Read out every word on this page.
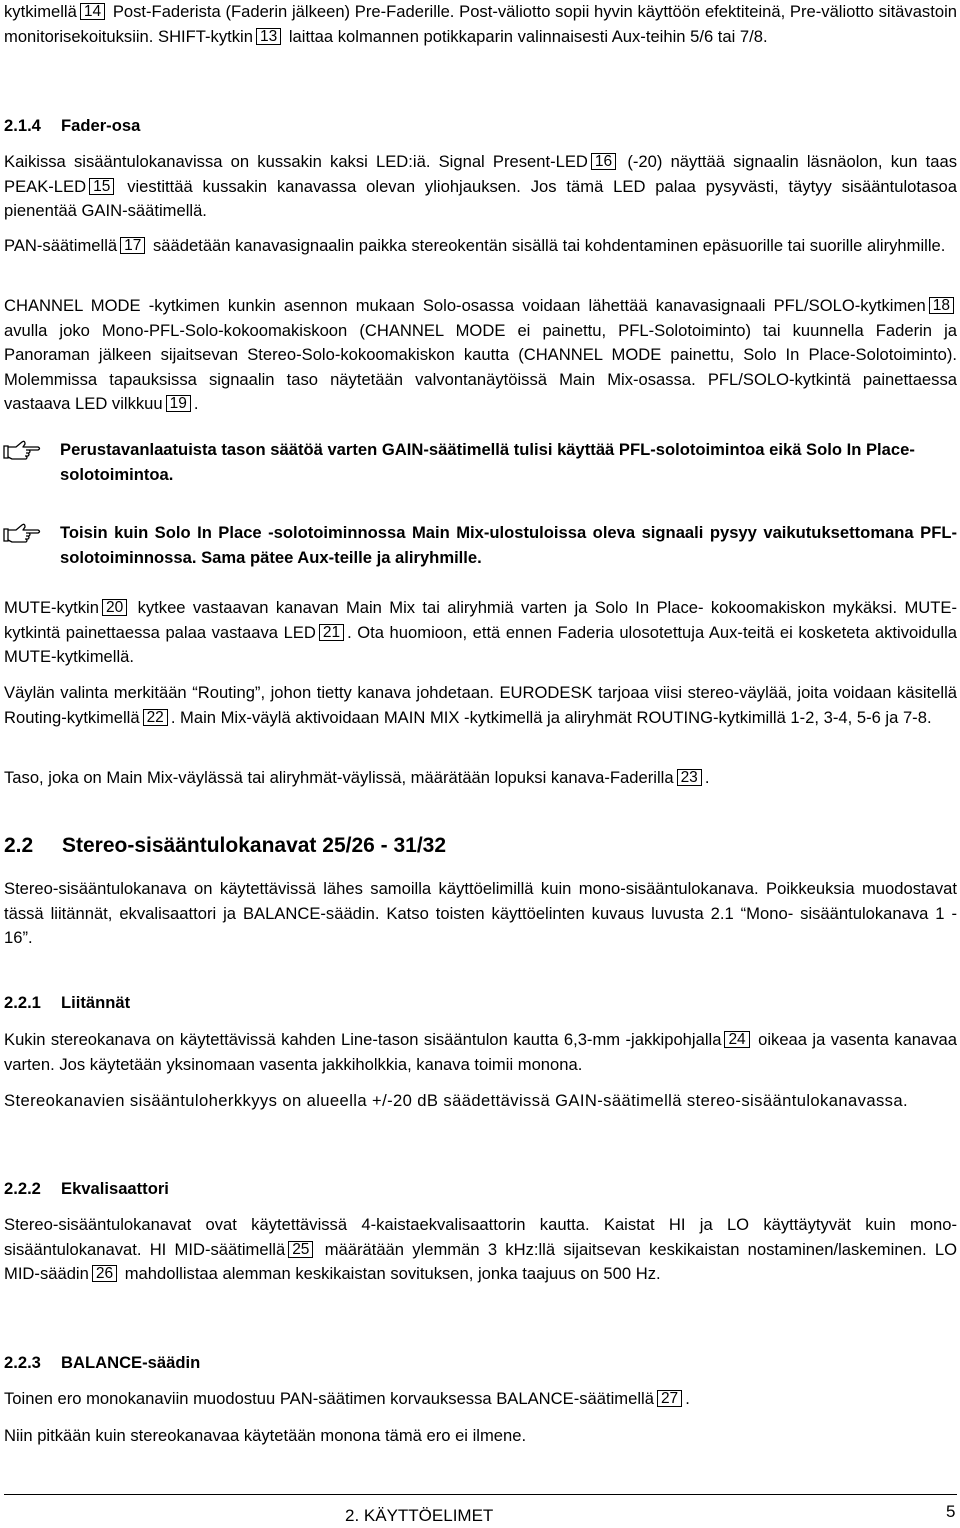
kytkimellä 14 Post-Faderista (Faderin jälkeen) Pre-Faderille. Post-väliotto sopii hyvin käyttöön efektiteinä, Pre-väliotto sitävastoin monitorisekoituksiin. SHIFT-kytkin 13 laittaa kolmannen potikkaparin valinnaisesti Aux-teihin 5/6 tai 7/8.
2.1.4 Fader-osa
Kaikissa sisääntulokanavissa on kussakin kaksi LED:iä. Signal Present-LED 16 (-20) näyttää signaalin läsnäolon, kun taas PEAK-LED 15 viestittää kussakin kanavassa olevan yliohjauksen. Jos tämä LED palaa pysyvästi, täytyy sisääntulotasoa pienentää GAIN-säätimellä.
PAN-säätimellä 17 säädetään kanavasignaalin paikka stereokentän sisällä tai kohdentaminen epäsuorille tai suorille aliryhmille.
CHANNEL MODE -kytkimen kunkin asennon mukaan Solo-osassa voidaan lähettää kanavasignaali PFL/SOLO-kytkimen 18 avulla joko Mono-PFL-Solo-kokoomakiskoon (CHANNEL MODE ei painettu, PFL-Solotoiminto) tai kuunnella Faderin ja Panoraman jälkeen sijaitsevan Stereo-Solo-kokoomakiskon kautta (CHANNEL MODE painettu, Solo In Place-Solotoiminto). Molemmissa tapauksissa signaalin taso näytetään valvontanäytöissä Main Mix-osassa. PFL/SOLO-kytkintä painettaessa vastaava LED vilkkuu 19 .
Perustavanlaatuista tason säätöä varten GAIN-säätimellä tulisi käyttää PFL-solotoimintoa eikä Solo In Place-solotoimintoa.
Toisin kuin Solo In Place -solotoiminnossa Main Mix-ulostuloissa oleva signaali pysyy vaikutuksettomana PFL-solotoiminnossa. Sama pätee Aux-teille ja aliryhmille.
MUTE-kytkin 20 kytkee vastaavan kanavan Main Mix tai aliryhmiä varten ja Solo In Place- kokoomakiskon mykäksi. MUTE-kytkintä painettaessa palaa vastaava LED 21 . Ota huomioon, että ennen Faderia ulosotettuja Aux-teitä ei kosketeta aktivoidulla MUTE-kytkimellä.
Väylän valinta merkitään “Routing”, johon tietty kanava johdetaan. EURODESK tarjoaa viisi stereo-väylää, joita voidaan käsitellä Routing-kytkimellä 22 . Main Mix-väylä aktivoidaan MAIN MIX -kytkimellä ja aliryhmät ROUTING-kytkimillä 1-2, 3-4, 5-6 ja 7-8.
Taso, joka on Main Mix-väylässä tai aliryhmät-väylissä, määrätään lopuksi kanava-Faderilla 23 .
2.2 Stereo-sisääntulokanavat 25/26 - 31/32
Stereo-sisääntulokanava on käytettävissä lähes samoilla käyttöelimillä kuin mono-sisääntulokanava. Poikkeuksia muodostavat tässä liitännät, ekvalisaattori ja BALANCE-säädin. Katso toisten käyttöelinten kuvaus luvusta 2.1 “Mono- sisääntulokanava 1 - 16”.
2.2.1 Liitännät
Kukin stereokanava on käytettävissä kahden Line-tason sisääntulon kautta 6,3-mm -jakkipohjalla 24 oikeaa ja vasenta kanavaa varten. Jos käytetään yksinomaan vasenta jakkiholkkia, kanava toimii monona.
Stereokanavien sisääntuloherkkyys on alueella +/-20 dB säädettävissä GAIN-säätimellä stereo-sisääntulokanavassa.
2.2.2 Ekvalisaattori
Stereo-sisääntulokanavat ovat käytettävissä 4-kaistaekvalisaattorin kautta. Kaistat HI ja LO käyttäytyvät kuin mono-sisääntulokanavat. HI MID-säätimellä 25 määrätään ylemmän 3 kHz:llä sijaitsevan keskikaistan nostaminen/laskeminen. LO MID-säädin 26 mahdollistaa alemman keskikaistan sovituksen, jonka taajuus on 500 Hz.
2.2.3 BALANCE-säädin
Toinen ero monokanaviin muodostuu PAN-säätimen korvauksessa BALANCE-säätimellä 27 .
Niin pitkään kuin stereokanavaa käytetään monona tämä ero ei ilmene.
2. KÄYTTÖELIMET	5
